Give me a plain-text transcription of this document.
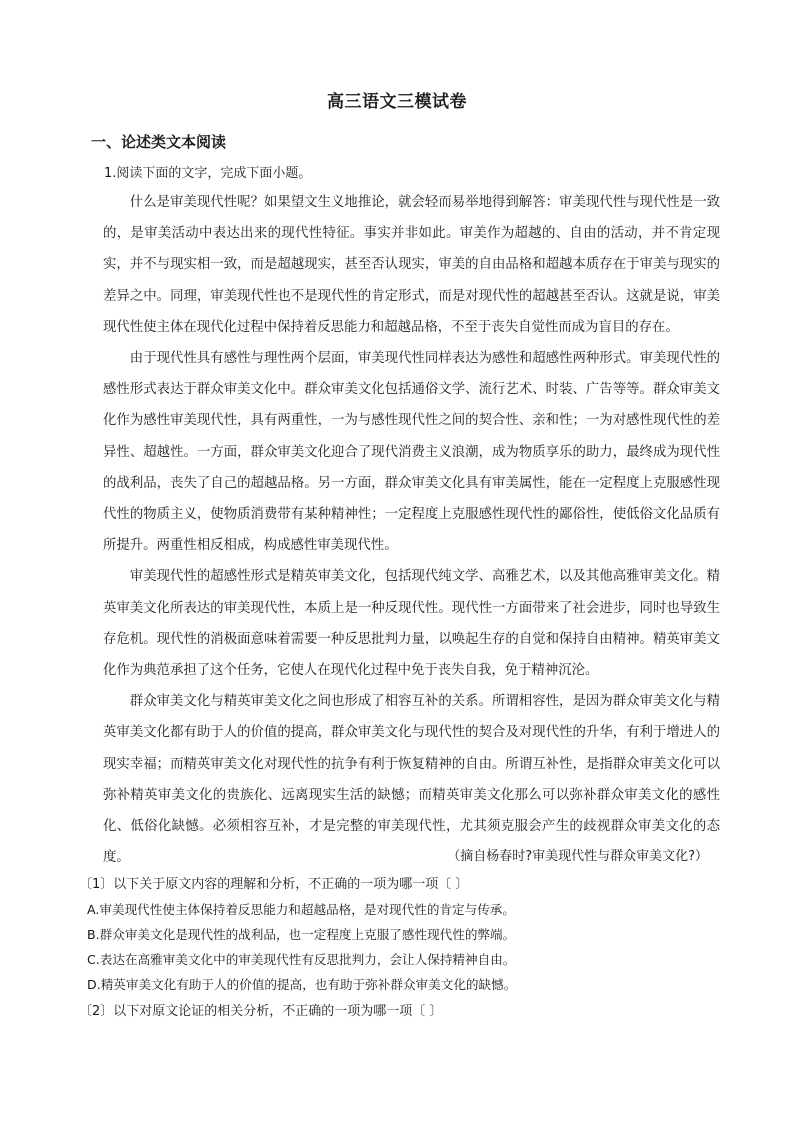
高三语文三模试卷
一、论述类文本阅读
1.阅读下面的文字，完成下面小题。

什么是审美现代性呢？如果望文生义地推论，就会轻而易举地得到解答：审美现代性与现代性是一致的，是审美活动中表达出来的现代性特征。事实并非如此。审美作为超越的、自由的活动，并不肯定现实，并不与现实相一致，而是超越现实，甚至否认现实，审美的自由品格和超越本质存在于审美与现实的差异之中。同理，审美现代性也不是现代性的肯定形式，而是对现代性的超越甚至否认。这就是说，审美现代性使主体在现代化过程中保持着反思能力和超越品格，不至于丧失自觉性而成为盲目的存在。

由于现代性具有感性与理性两个层面，审美现代性同样表达为感性和超感性两种形式。审美现代性的感性形式表达于群众审美文化中。群众审美文化包括通俗文学、流行艺术、时装、广告等等。群众审美文化作为感性审美现代性，具有两重性，一为与感性现代性之间的契合性、亲和性；一为对感性现代性的差异性、超越性。一方面，群众审美文化迎合了现代消费主义浪潮，成为物质享乐的助力，最终成为现代性的战利品，丧失了自己的超越品格。另一方面，群众审美文化具有审美属性，能在一定程度上克服感性现代性的物质主义，使物质消费带有某种精神性；一定程度上克服感性现代性的鄙俗性，使低俗文化品质有所提升。两重性相反相成，构成感性审美现代性。

审美现代性的超感性形式是精英审美文化，包括现代纯文学、高雅艺术，以及其他高雅审美文化。精英审美文化所表达的审美现代性，本质上是一种反现代性。现代性一方面带来了社会进步，同时也导致生存危机。现代性的消极面意味着需要一种反思批判力量，以唤起生存的自觉和保持自由精神。精英审美文化作为典范承担了这个任务，它使人在现代化过程中免于丧失自我，免于精神沉沦。

群众审美文化与精英审美文化之间也形成了相容互补的关系。所谓相容性，是因为群众审美文化与精英审美文化都有助于人的价值的提高，群众审美文化与现代性的契合及对现代性的升华，有利于增进人的现实幸福；而精英审美文化对现代性的抗争有利于恢复精神的自由。所谓互补性，是指群众审美文化可以弥补精英审美文化的贵族化、远离现实生活的缺憾；而精英审美文化那么可以弥补群众审美文化的感性化、低俗化缺憾。必须相容互补，才是完整的审美现代性，尤其须克服会产生的歧视群众审美文化的态度。	（摘自杨春时?审美现代性与群众审美文化?）
〔1〕以下关于原文内容的理解和分析，不正确的一项为哪一项〔 〕
A.审美现代性使主体保持着反思能力和超越品格，是对现代性的肯定与传承。
B.群众审美文化是现代性的战利品，也一定程度上克服了感性现代性的弊端。
C.表达在高雅审美文化中的审美现代性有反思批判力，会让人保持精神自由。
D.精英审美文化有助于人的价值的提高，也有助于弥补群众审美文化的缺憾。
〔2〕以下对原文论证的相关分析，不正确的一项为哪一项〔 〕
